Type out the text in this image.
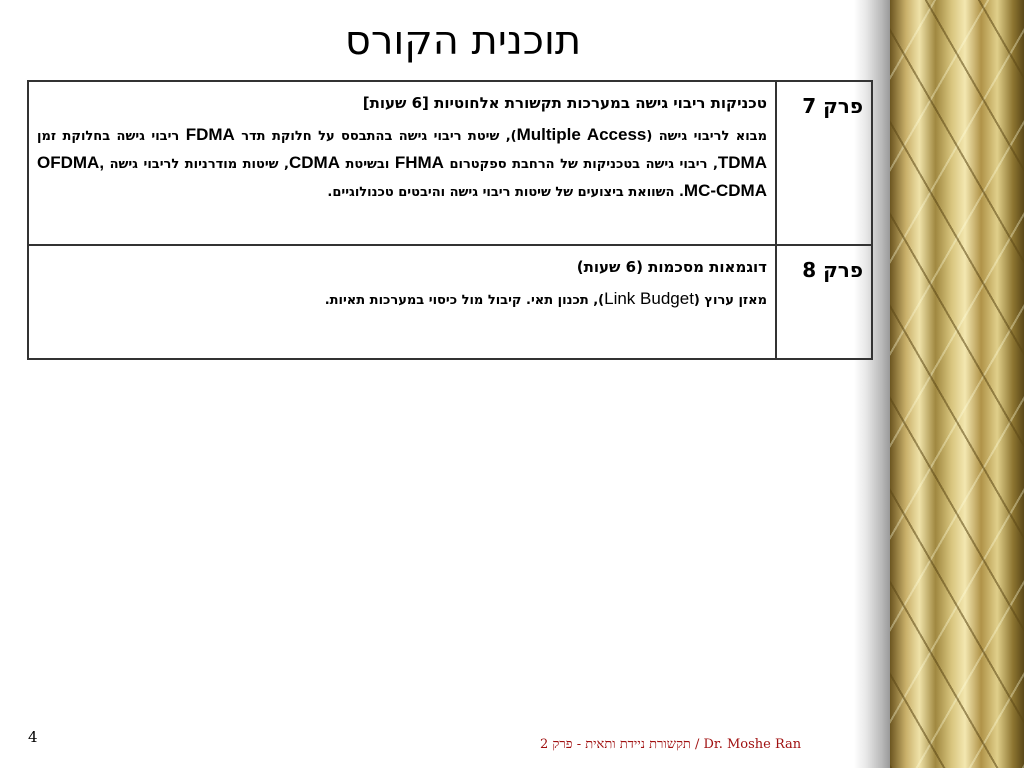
תוכנית הקורס
פרק 7	טכניקות ריבוי גישה במערכות תקשורת אלחוטיות [6 שעות]

מבוא לריבוי גישה (Multiple Access), שיטת ריבוי גישה בהתבסס על חלוקת תדר FDMA ריבוי גישה בחלוקת זמן TDMA, ריבוי גישה בטכניקות של הרחבת ספקטרום FHMA ובשיטת CDMA, שיטות מודרניות לריבוי גישה OFDMA, MC-CDMA. השוואת ביצועים של שיטות ריבוי גישה והיבטים טכנולוגיים.

פרק 8	דוגמאות מסכמות (6 שעות)

מאזן ערוץ (Link Budget), תכנון תאי. קיבול מול כיסוי במערכות תאיות.

4	2 תקשורת ניידת ותאית - פרק / Dr. Moshe Ran
